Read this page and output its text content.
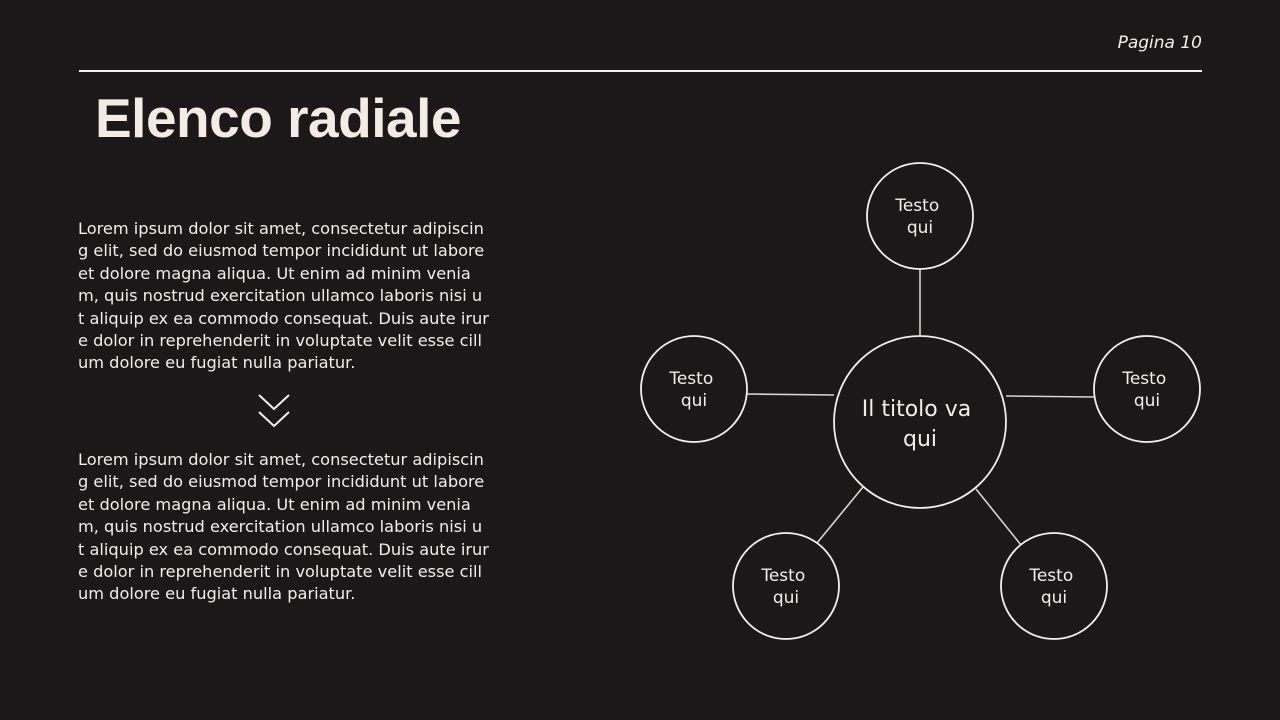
Pagina 10
Elenco radiale

Lorem ipsum dolor sit amet, consectetur adipiscin
g elit, sed do eiusmod tempor incididunt ut labore
et dolore magna aliqua. Ut enim ad minim venia
m, quis nostrud exercitation ullamco laboris nisi u
t aliquip ex ea commodo consequat. Duis aute irur
e dolor in reprehenderit in voluptate velit esse cill
um dolore eu fugiat nulla pariatur.

Lorem ipsum dolor sit amet, consectetur adipiscin
g elit, sed do eiusmod tempor incididunt ut labore
et dolore magna aliqua. Ut enim ad minim venia
m, quis nostrud exercitation ullamco laboris nisi u
t aliquip ex ea commodo consequat. Duis aute irur
e dolor in reprehenderit in voluptate velit esse cill
um dolore eu fugiat nulla pariatur.

Il titolo va qui
Testo qui
Testo qui
Testo qui
Testo qui
Testo qui
